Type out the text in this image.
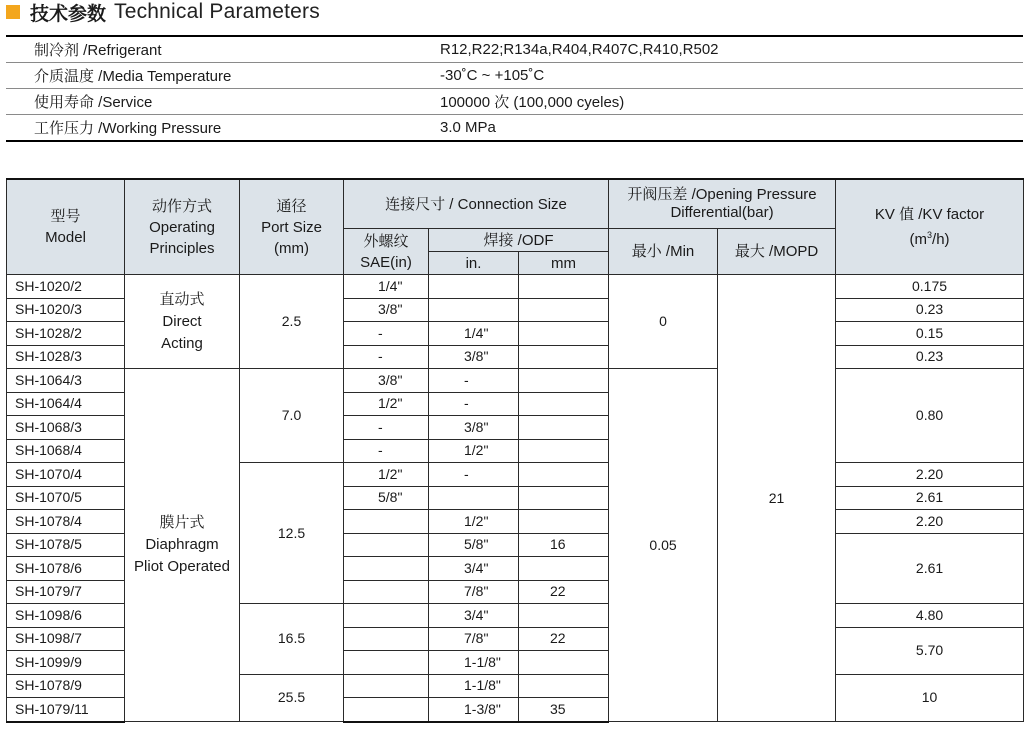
技术参数 Technical Parameters
制冷剂 /Refrigerant	R12,R22;R134a,R404,R407C,R410,R502
介质温度 /Media Temperature	-30˚C ~ +105˚C
使用寿命 /Service	100000 次 (100,000 cyeles)
工作压力 /Working Pressure	3.0 MPa
型号
Model	动作方式
Operating
Principles	通径
Port Size
(mm)	连接尺寸 / Connection Size			开阀压差 /Opening Pressure
Differential(bar)		KV 值 /KV factor
$(m^3/h)$
			外螺纹
SAE(in)	焊接 /ODF		最小 /Min	最大 /MOPD	
				in.	mm			
SH-1020/2	直动式
Direct
Acting	2.5	1/4"			0	21	0.175
SH-1020/3			3/8"					0.23
SH-1028/2			-	1/4"				0.15
SH-1028/3			-	3/8"				0.23
SH-1064/3	膜片式
Diaphragm
Pliot Operated	7.0	3/8"	-		0.05		0.80
SH-1064/4			1/2"	-				
SH-1068/3			-	3/8"				
SH-1068/4			-	1/2"				
SH-1070/4		12.5	1/2"	-				2.20
SH-1070/5			5/8"					2.61
SH-1078/4				1/2"				2.20
SH-1078/5				5/8"	16			2.61
SH-1078/6				3/4"				
SH-1079/7				7/8"	22			
SH-1098/6		16.5		3/4"				4.80
SH-1098/7				7/8"	22			5.70
SH-1099/9				1-1/8"				
SH-1078/9		25.5		1-1/8"				10
SH-1079/11				1-3/8"	35			
